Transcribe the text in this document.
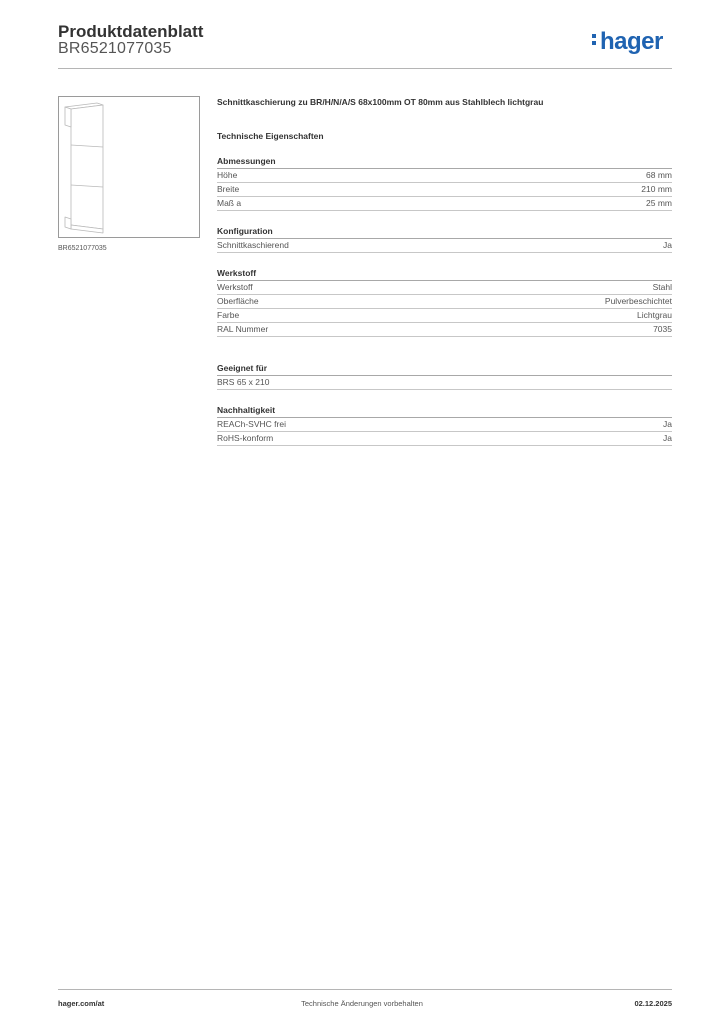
Produktdatenblatt
BR6521077035	hager
BR6521077035

Schnittkaschierung zu BR/H/N/A/S 68x100mm OT 80mm aus Stahlblech lichtgrau

Technische Eigenschaften
Abmessungen
Höhe	68 mm
Breite	210 mm
Maß a	25 mm
Konfiguration
Schnittkaschierend	Ja
Werkstoff
Werkstoff	Stahl
Oberfläche	Pulverbeschichtet
Farbe	Lichtgrau
RAL Nummer	7035
Geeignet für
BRS 65 x 210
Nachhaltigkeit
REACh-SVHC frei	Ja
RoHS-konform	Ja
hager.com/at	Technische Änderungen vorbehalten	02.12.2025
